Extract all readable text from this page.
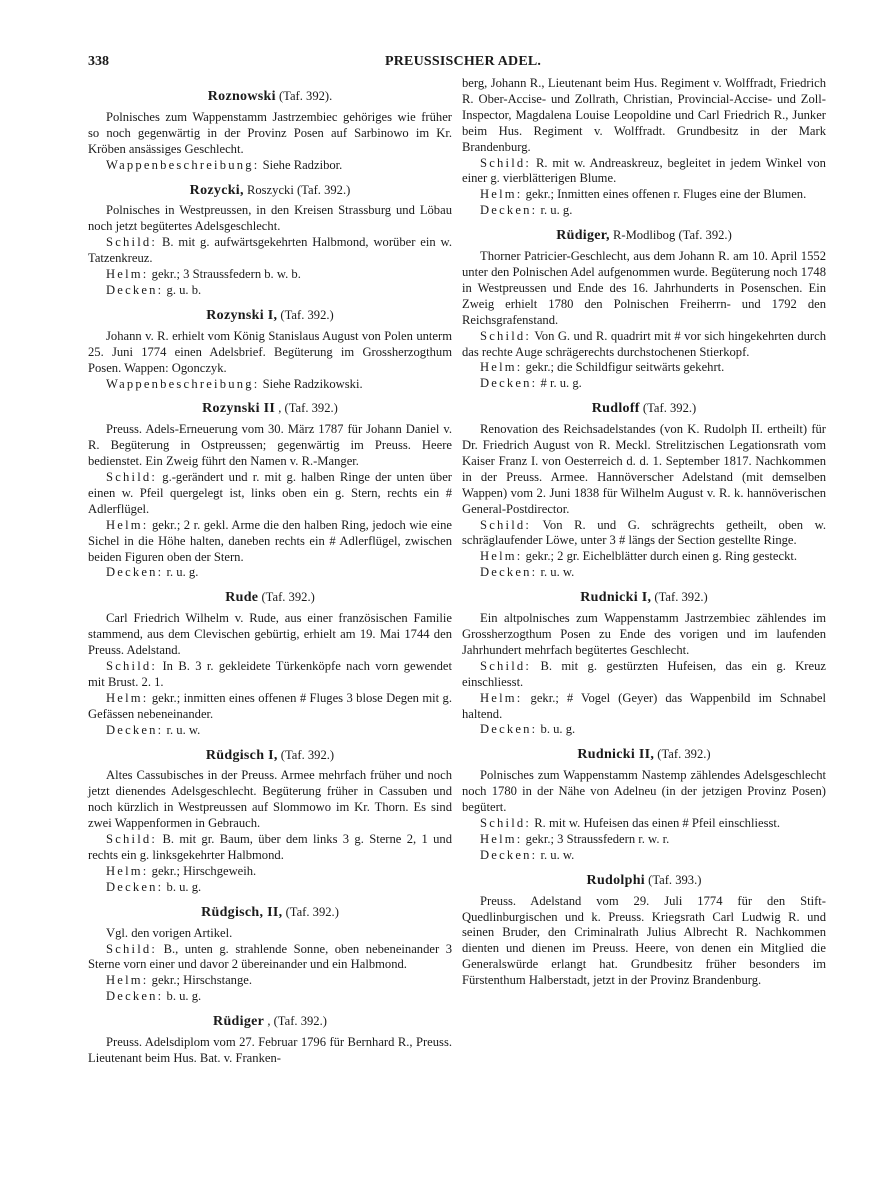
338	PREUSSISCHER ADEL.
Roznowski (Taf. 392).

Polnisches zum Wappenstamm Jastrzembiec gehöriges wie früher so noch gegenwärtig in der Provinz Posen auf Sarbinowo im Kr. Kröben ansässiges Geschlecht.

Wappenbeschreibung: Siehe Radzibor.

Rozycki, Roszycki (Taf. 392.)

Polnisches in Westpreussen, in den Kreisen Strassburg und Löbau noch jetzt begütertes Adelsgeschlecht.

Schild: B. mit g. aufwärtsgekehrten Halbmond, worüber ein w. Tatzenkreuz.

Helm: gekr.; 3 Straussfedern b. w. b.

Decken: g. u. b.

Rozynski I, (Taf. 392.)

Johann v. R. erhielt vom König Stanislaus August von Polen unterm 25. Juni 1774 einen Adelsbrief. Begüterung im Grossherzogthum Posen. Wappen: Ogonczyk.

Wappenbeschreibung: Siehe Radzikowski.

Rozynski II , (Taf. 392.)

Preuss. Adels-Erneuerung vom 30. März 1787 für Johann Daniel v. R. Begüterung in Ostpreussen; gegenwärtig im Preuss. Heere bedienstet. Ein Zweig führt den Namen v. R.-Manger.

Schild: g.-gerändert und r. mit g. halben Ringe der unten über einen w. Pfeil quergelegt ist, links oben ein g. Stern, rechts ein # Adlerflügel.

Helm: gekr.; 2 r. gekl. Arme die den halben Ring, jedoch wie eine Sichel in die Höhe halten, daneben rechts ein # Adlerflügel, zwischen beiden Figuren oben der Stern.

Decken: r. u. g.

Rude (Taf. 392.)

Carl Friedrich Wilhelm v. Rude, aus einer französischen Familie stammend, aus dem Clevischen gebürtig, erhielt am 19. Mai 1744 den Preuss. Adelstand.

Schild: In B. 3 r. gekleidete Türkenköpfe nach vorn gewendet mit Brust. 2. 1.

Helm: gekr.; inmitten eines offenen # Fluges 3 blose Degen mit g. Gefässen nebeneinander.

Decken: r. u. w.

Rüdgisch I, (Taf. 392.)

Altes Cassubisches in der Preuss. Armee mehrfach früher und noch jetzt dienendes Adelsgeschlecht. Begüterung früher in Cassuben und noch kürzlich in Westpreussen auf Slommowo im Kr. Thorn. Es sind zwei Wappenformen in Gebrauch.

Schild: B. mit gr. Baum, über dem links 3 g. Sterne 2, 1 und rechts ein g. linksgekehrter Halbmond.

Helm: gekr.; Hirschgeweih.

Decken: b. u. g.

Rüdgisch, II, (Taf. 392.)

Vgl. den vorigen Artikel.

Schild: B., unten g. strahlende Sonne, oben nebeneinander 3 Sterne vorn einer und davor 2 übereinander und ein Halbmond.

Helm: gekr.; Hirschstange.

Decken: b. u. g.

Rüdiger , (Taf. 392.)

Preuss. Adelsdiplom vom 27. Februar 1796 für Bernhard R., Preuss. Lieutenant beim Hus. Bat. v. Franken-

berg, Johann R., Lieutenant beim Hus. Regiment v. Wolffradt, Friedrich R. Ober-Accise- und Zollrath, Christian, Provincial-Accise- und Zoll-Inspector, Magdalena Louise Leopoldine und Carl Friedrich R., Junker beim Hus. Regiment v. Wolffradt. Grundbesitz in der Mark Brandenburg.

Schild: R. mit w. Andreaskreuz, begleitet in jedem Winkel von einer g. vierblätterigen Blume.

Helm: gekr.; Inmitten eines offenen r. Fluges eine der Blumen.

Decken: r. u. g.

Rüdiger, R-Modlibog (Taf. 392.)

Thorner Patricier-Geschlecht, aus dem Johann R. am 10. April 1552 unter den Polnischen Adel aufgenommen wurde. Begüterung noch 1748 in Westpreussen und Ende des 16. Jahrhunderts in Posenschen. Ein Zweig erhielt 1780 den Polnischen Freiherrn- und 1792 den Reichsgrafenstand.

Schild: Von G. und R. quadrirt mit # vor sich hingekehrten durch das rechte Auge schrägerechts durchstochenen Stierkopf.

Helm: gekr.; die Schildfigur seitwärts gekehrt.

Decken: # r. u. g.

Rudloff (Taf. 392.)

Renovation des Reichsadelstandes (von K. Rudolph II. ertheilt) für Dr. Friedrich August von R. Meckl. Strelitzischen Legationsrath vom Kaiser Franz I. von Oesterreich d. d. 1. September 1817. Nachkommen in der Preuss. Armee. Hannöverscher Adelstand (mit demselben Wappen) vom 2. Juni 1838 für Wilhelm August v. R. k. hannöverischen General-Postdirector.

Schild: Von R. und G. schrägrechts getheilt, oben w. schräglaufender Löwe, unter 3 # längs der Section gestellte Ringe.

Helm: gekr.; 2 gr. Eichelblätter durch einen g. Ring gesteckt.

Decken: r. u. w.

Rudnicki I, (Taf. 392.)

Ein altpolnisches zum Wappenstamm Jastrzembiec zählendes im Grossherzogthum Posen zu Ende des vorigen und im laufenden Jahrhundert mehrfach begütertes Geschlecht.

Schild: B. mit g. gestürzten Hufeisen, das ein g. Kreuz einschliesst.

Helm: gekr.; # Vogel (Geyer) das Wappenbild im Schnabel haltend.

Decken: b. u. g.

Rudnicki II, (Taf. 392.)

Polnisches zum Wappenstamm Nastemp zählendes Adelsgeschlecht noch 1780 in der Nähe von Adelneu (in der jetzigen Provinz Posen) begütert.

Schild: R. mit w. Hufeisen das einen # Pfeil einschliesst.

Helm: gekr.; 3 Straussfedern r. w. r.

Decken: r. u. w.

Rudolphi (Taf. 393.)

Preuss. Adelstand vom 29. Juli 1774 für den Stift-Quedlinburgischen und k. Preuss. Kriegsrath Carl Ludwig R. und seinen Bruder, den Criminalrath Julius Albrecht R. Nachkommen dienten und dienen im Preuss. Heere, von denen ein Mitglied die Generalswürde erlangt hat. Grundbesitz früher besonders im Fürstenthum Halberstadt, jetzt in der Provinz Brandenburg.
